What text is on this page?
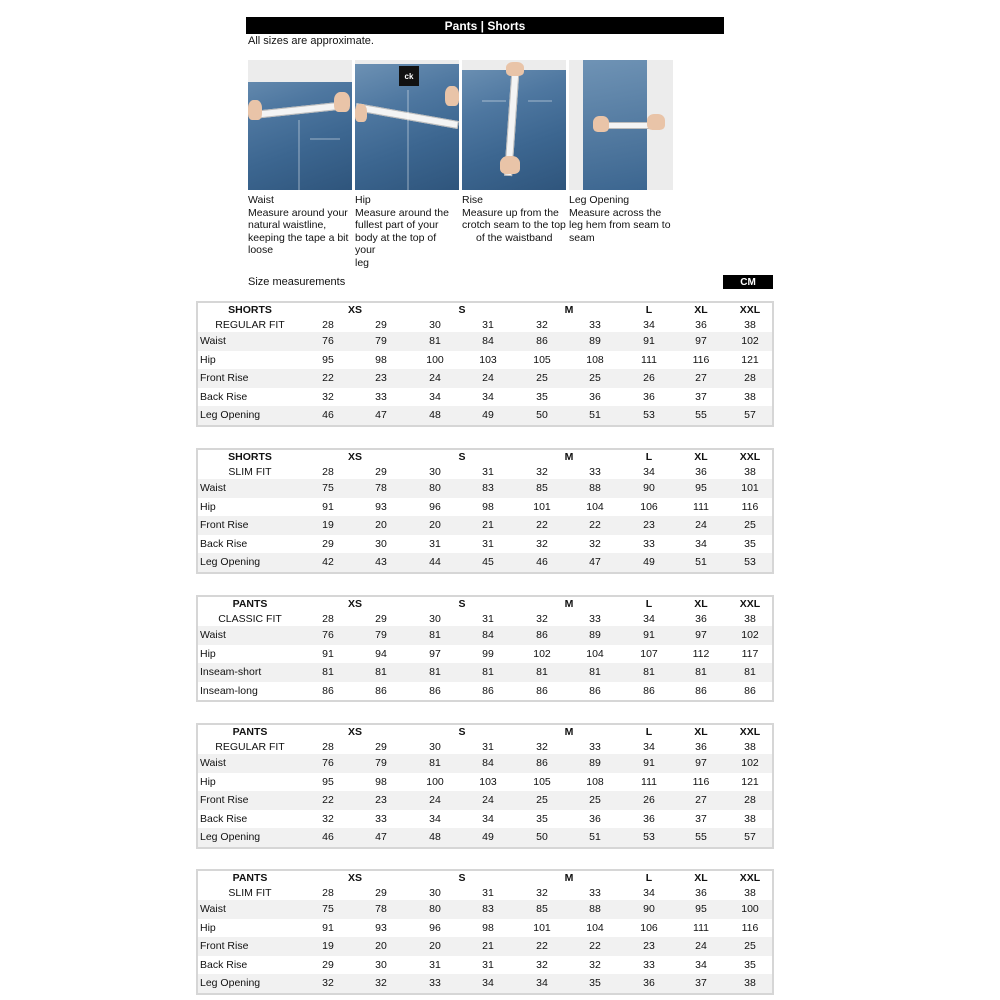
Pants | Shorts
All sizes are approximate.
Waist
Measure around your
natural waistline,
keeping the tape a bit
loose
ck
Hip
Measure around the
fullest part of your
body at the top of your
leg
Rise
Measure up from the
crotch seam to the top
of the waistband
Leg Opening
Measure across the
leg hem from seam to
seam
Size measurements	CM
SHORTS	XS	S	M	L	XL	XXL
REGULAR FIT	28	29	30	31	32	33	34	36	38
Waist	76	79	81	84	86	89	91	97	102
Hip	95	98	100	103	105	108	111	116	121
Front Rise	22	23	24	24	25	25	26	27	28
Back Rise	32	33	34	34	35	36	36	37	38
Leg Opening	46	47	48	49	50	51	53	55	57
SHORTS	XS	S	M	L	XL	XXL
SLIM FIT	28	29	30	31	32	33	34	36	38
Waist	75	78	80	83	85	88	90	95	101
Hip	91	93	96	98	101	104	106	111	116
Front Rise	19	20	20	21	22	22	23	24	25
Back Rise	29	30	31	31	32	32	33	34	35
Leg Opening	42	43	44	45	46	47	49	51	53
PANTS	XS	S	M	L	XL	XXL
CLASSIC FIT	28	29	30	31	32	33	34	36	38
Waist	76	79	81	84	86	89	91	97	102
Hip	91	94	97	99	102	104	107	112	117
Inseam-short	81	81	81	81	81	81	81	81	81
Inseam-long	86	86	86	86	86	86	86	86	86
PANTS	XS	S	M	L	XL	XXL
REGULAR FIT	28	29	30	31	32	33	34	36	38
Waist	76	79	81	84	86	89	91	97	102
Hip	95	98	100	103	105	108	111	116	121
Front Rise	22	23	24	24	25	25	26	27	28
Back Rise	32	33	34	34	35	36	36	37	38
Leg Opening	46	47	48	49	50	51	53	55	57
PANTS	XS	S	M	L	XL	XXL
SLIM FIT	28	29	30	31	32	33	34	36	38
Waist	75	78	80	83	85	88	90	95	100
Hip	91	93	96	98	101	104	106	111	116
Front Rise	19	20	20	21	22	22	23	24	25
Back Rise	29	30	31	31	32	32	33	34	35
Leg Opening	32	32	33	34	34	35	36	37	38
